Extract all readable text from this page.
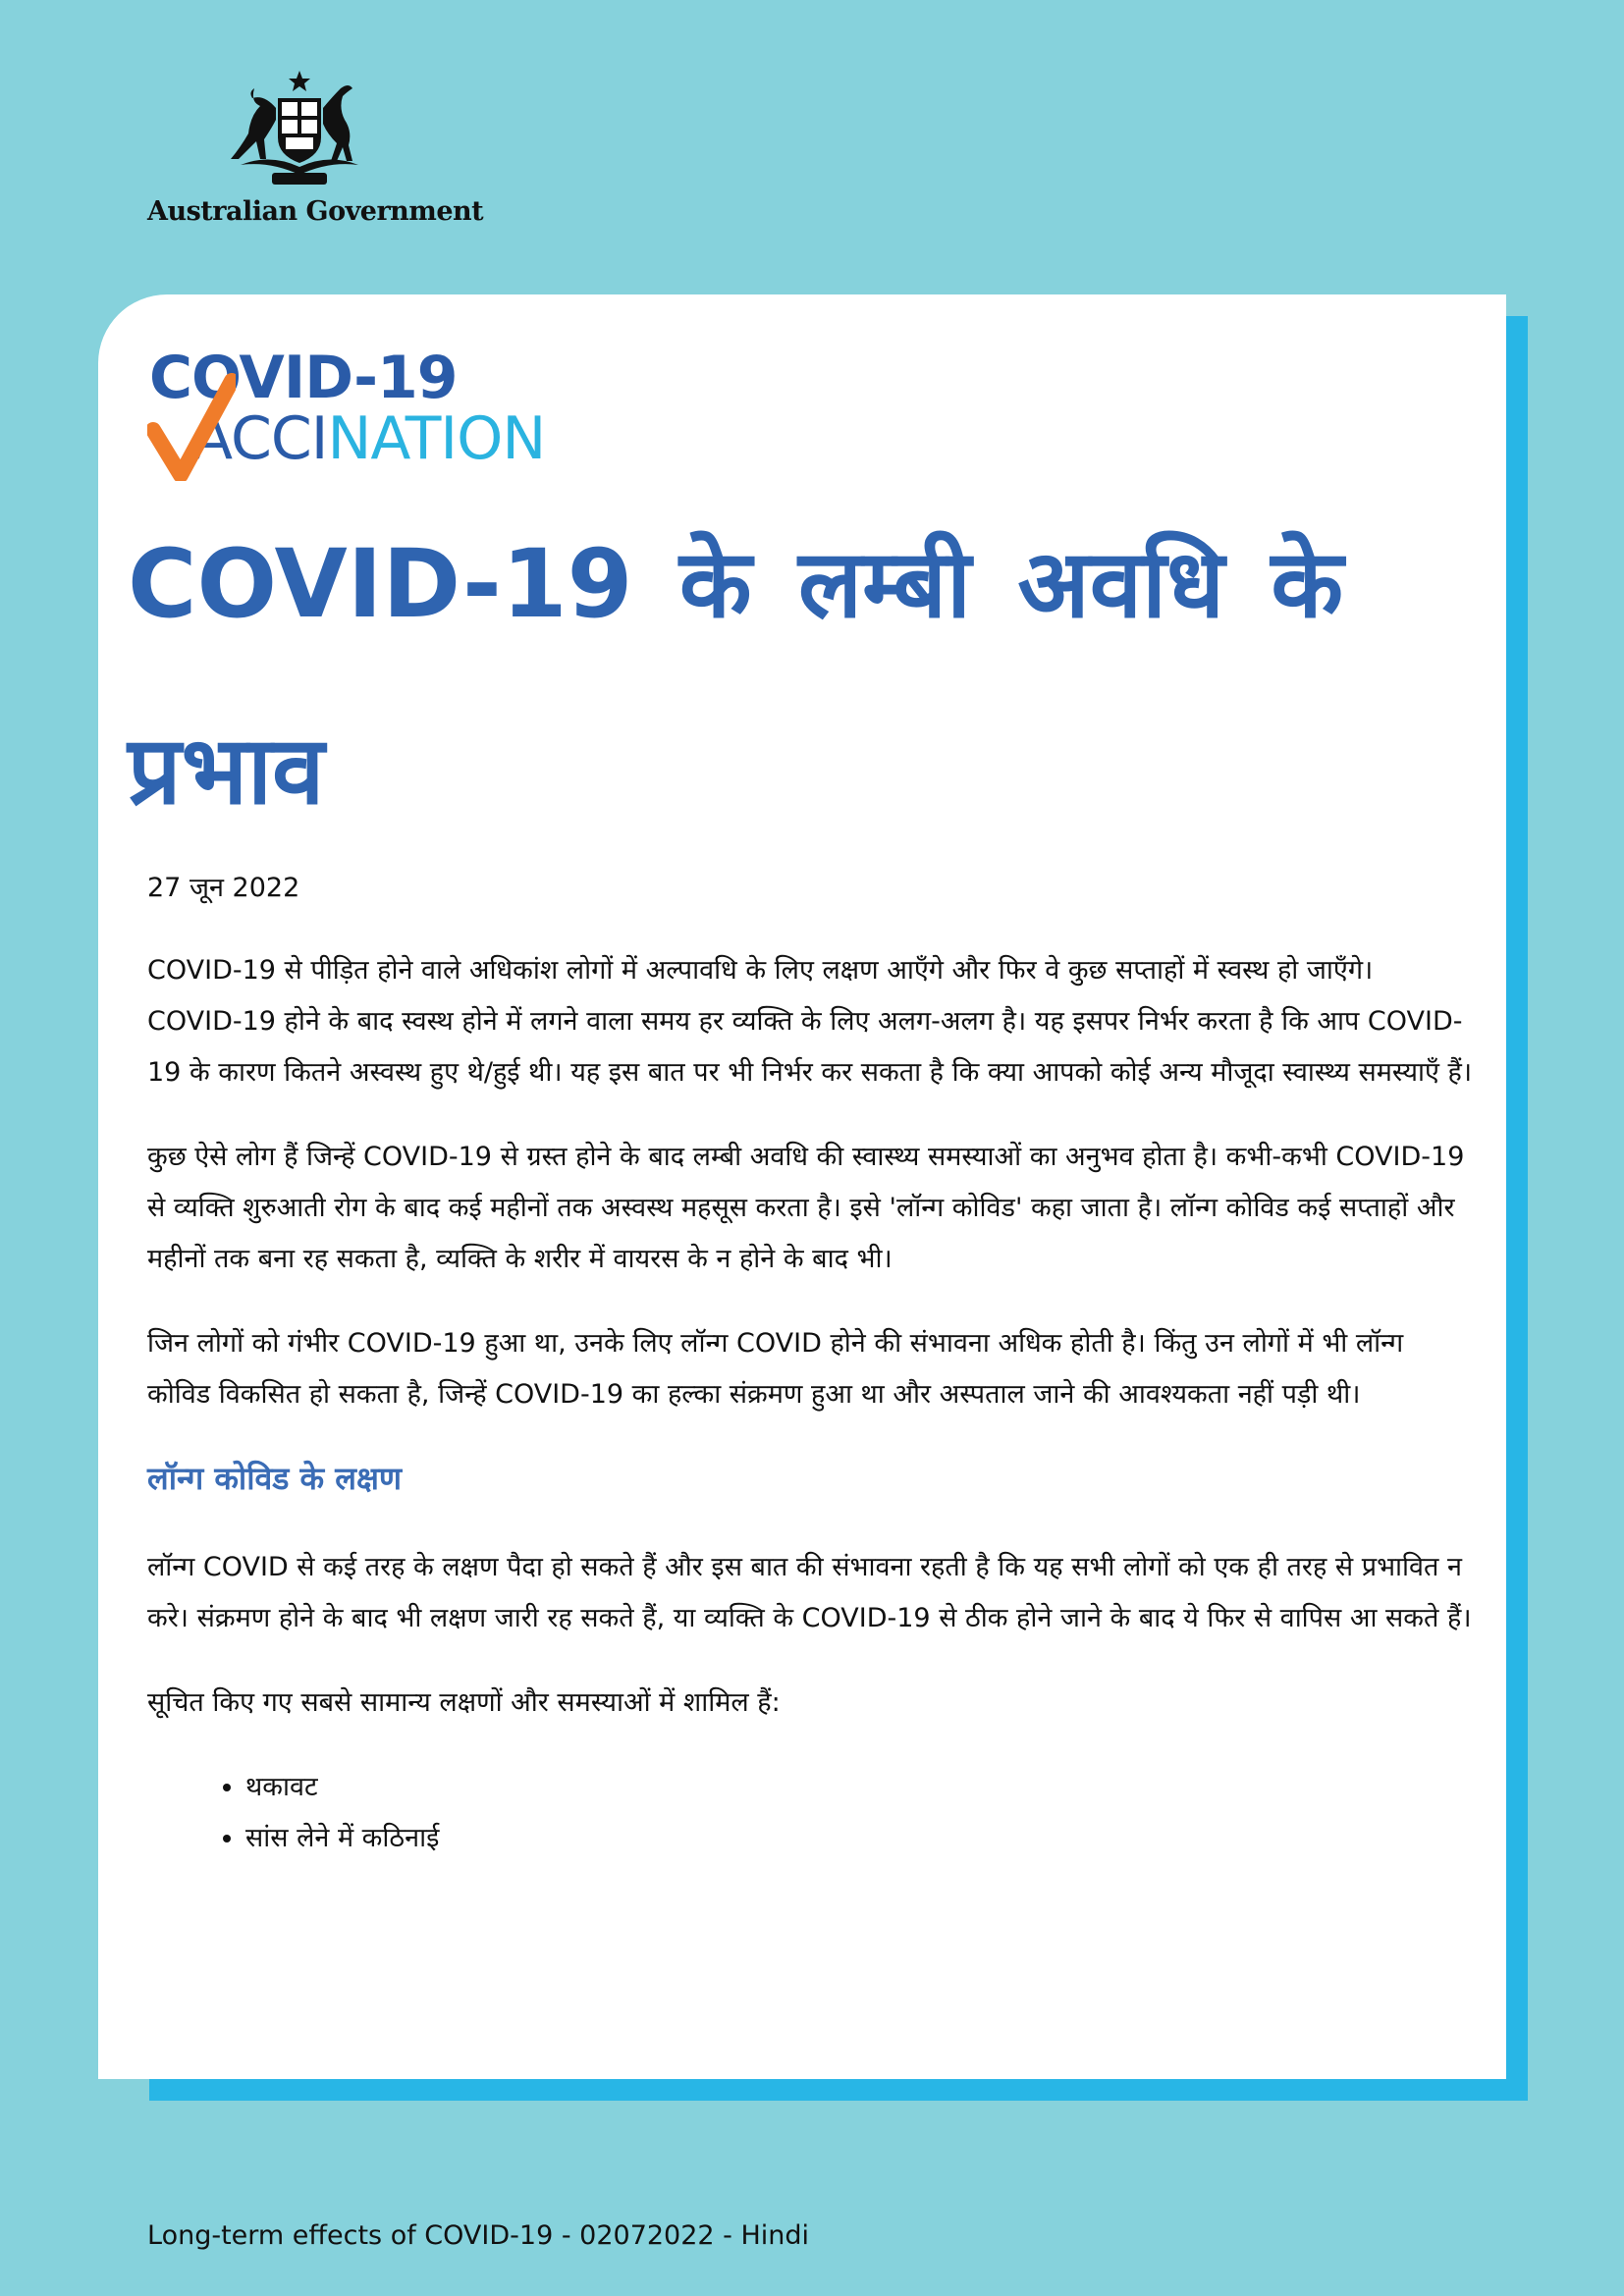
Australian Government
COVID-19
ACCINATION
COVID-19 के लम्बी अवधि के प्रभाव

27 जून 2022

COVID-19 से पीड़ित होने वाले अधिकांश लोगों में अल्पावधि के लिए लक्षण आएँगे और फिर वे कुछ सप्ताहों में स्वस्थ हो जाएँगे। COVID-19 होने के बाद स्वस्थ होने में लगने वाला समय हर व्यक्ति के लिए अलग-अलग है। यह इसपर निर्भर करता है कि आप COVID-19 के कारण कितने अस्वस्थ हुए थे/हुई थी। यह इस बात पर भी निर्भर कर सकता है कि क्या आपको कोई अन्य मौजूदा स्वास्थ्य समस्याएँ हैं।

कुछ ऐसे लोग हैं जिन्हें COVID-19 से ग्रस्त होने के बाद लम्बी अवधि की स्वास्थ्य समस्याओं का अनुभव होता है। कभी-कभी COVID-19 से व्यक्ति शुरुआती रोग के बाद कई महीनों तक अस्वस्थ महसूस करता है। इसे 'लॉन्ग कोविड' कहा जाता है। लॉन्ग कोविड कई सप्ताहों और महीनों तक बना रह सकता है, व्यक्ति के शरीर में वायरस के न होने के बाद भी।

जिन लोगों को गंभीर COVID-19 हुआ था, उनके लिए लॉन्ग COVID होने की संभावना अधिक होती है। किंतु उन लोगों में भी लॉन्ग कोविड विकसित हो सकता है, जिन्हें COVID-19 का हल्का संक्रमण हुआ था और अस्पताल जाने की आवश्यकता नहीं पड़ी थी।

लॉन्ग कोविड के लक्षण

लॉन्ग COVID से कई तरह के लक्षण पैदा हो सकते हैं और इस बात की संभावना रहती है कि यह सभी लोगों को एक ही तरह से प्रभावित न करे। संक्रमण होने के बाद भी लक्षण जारी रह सकते हैं, या व्यक्ति के COVID-19 से ठीक होने जाने के बाद ये फिर से वापिस आ सकते हैं।

सूचित किए गए सबसे सामान्य लक्षणों और समस्याओं में शामिल हैं:

• थकावट
• सांस लेने में कठिनाई
Long-term effects of COVID-19 - 02072022 - Hindi
